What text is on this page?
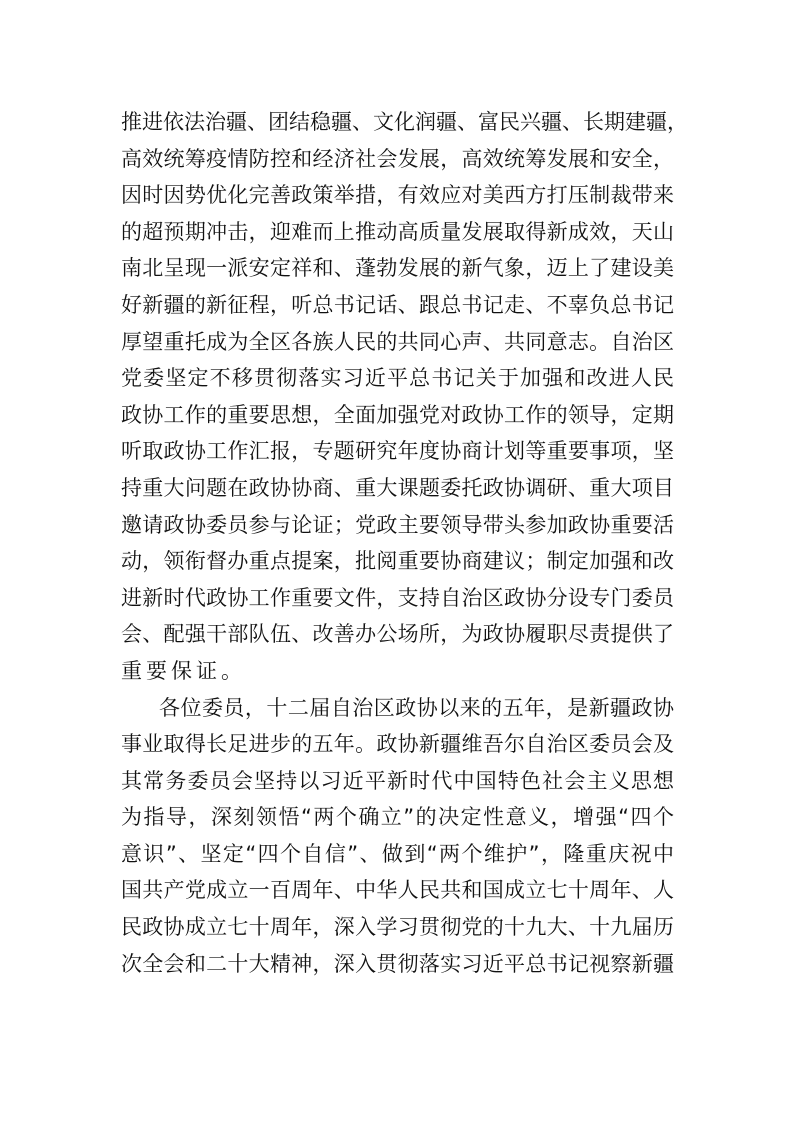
推进依法治疆、团结稳疆、文化润疆、富民兴疆、长期建疆，
高效统筹疫情防控和经济社会发展，高效统筹发展和安全，
因时因势优化完善政策举措，有效应对美西方打压制裁带来
的超预期冲击，迎难而上推动高质量发展取得新成效，天山
南北呈现一派安定祥和、蓬勃发展的新气象，迈上了建设美
好新疆的新征程，听总书记话、跟总书记走、不辜负总书记
厚望重托成为全区各族人民的共同心声、共同意志。自治区
党委坚定不移贯彻落实习近平总书记关于加强和改进人民
政协工作的重要思想，全面加强党对政协工作的领导，定期
听取政协工作汇报，专题研究年度协商计划等重要事项，坚
持重大问题在政协协商、重大课题委托政协调研、重大项目
邀请政协委员参与论证；党政主要领导带头参加政协重要活
动，领衔督办重点提案，批阅重要协商建议；制定加强和改
进新时代政协工作重要文件，支持自治区政协分设专门委员
会、配强干部队伍、改善办公场所，为政协履职尽责提供了
重要保证。
各位委员，十二届自治区政协以来的五年，是新疆政协
事业取得长足进步的五年。政协新疆维吾尔自治区委员会及
其常务委员会坚持以习近平新时代中国特色社会主义思想
为指导，深刻领悟“两个确立”的决定性意义，增强“四个
意识”、坚定“四个自信”、做到“两个维护”，隆重庆祝中
国共产党成立一百周年、中华人民共和国成立七十周年、人
民政协成立七十周年，深入学习贯彻党的十九大、十九届历
次全会和二十大精神，深入贯彻落实习近平总书记视察新疆
